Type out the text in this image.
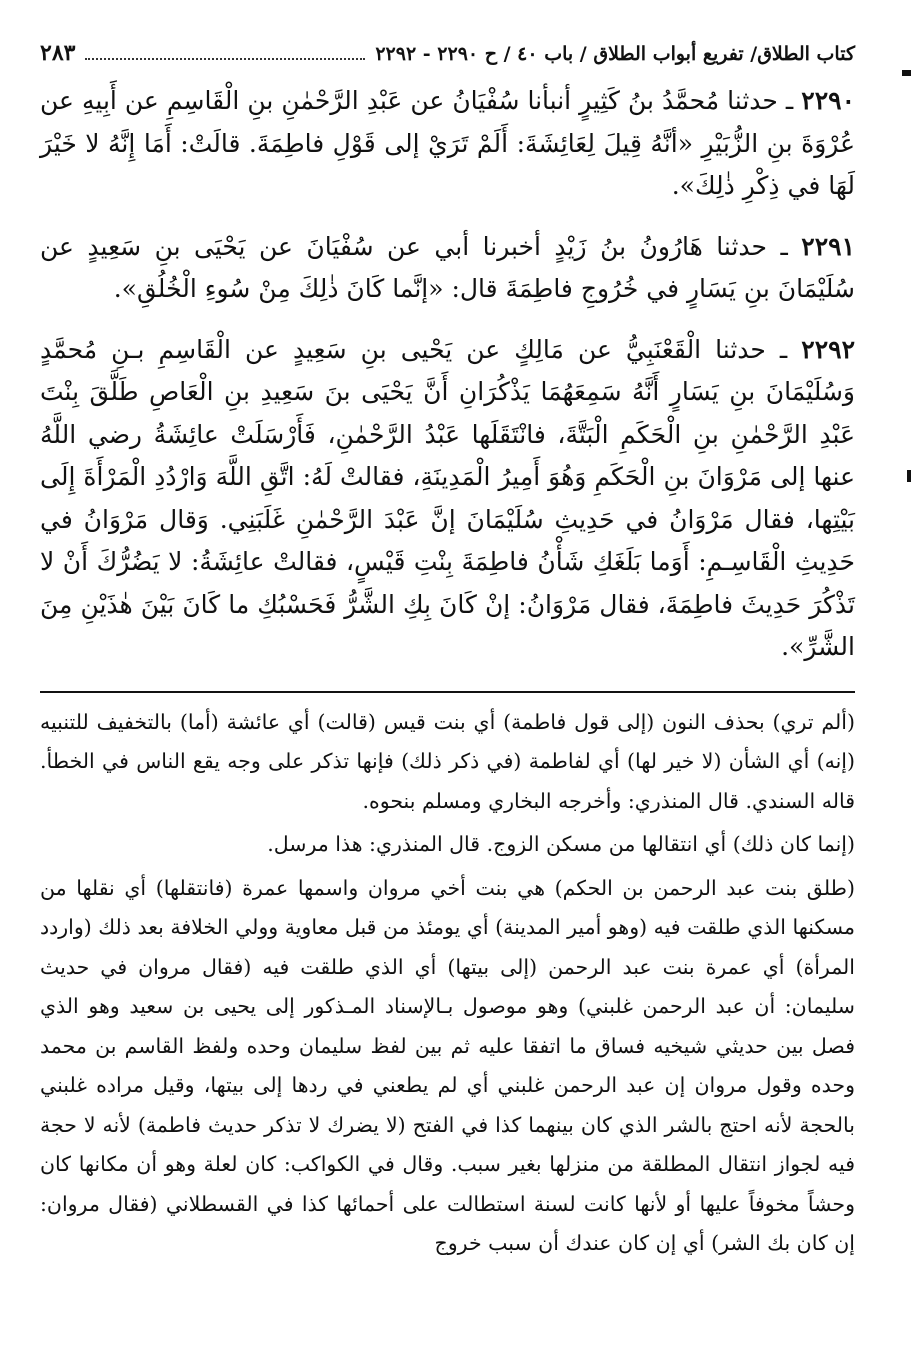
كتاب الطلاق/ تفريع أبواب الطلاق / باب ٤٠ / ح ٢٢٩٠ - ٢٢٩٢
٢٨٣

٢٢٩٠ ـ حدثنا مُحمَّدُ بنُ كَثِيرٍ أنبأنا سُفْيَانُ عن عَبْدِ الرَّحْمٰنِ بنِ الْقَاسِمِ عن أَبِيهِ عن عُرْوَةَ بنِ الزُّبَيْرِ «أنَّهُ قِيلَ لِعَائِشَةَ: أَلَمْ تَرَيْ إلى قَوْلِ فاطِمَةَ. قالَتْ: أَمَا إِنَّهُ لا خَيْرَ لَهَا في ذِكْرِ ذٰلِكَ».

٢٢٩١ ـ حدثنا هَارُونُ بنُ زَيْدٍ أخبرنا أبي عن سُفْيَانَ عن يَحْيَى بنِ سَعِيدٍ عن سُلَيْمَانَ بنِ يَسَارٍ في خُرُوجِ فاطِمَةَ قال: «إنَّما كَانَ ذٰلِكَ مِنْ سُوءِ الْخُلُقِ».

٢٢٩٢ ـ حدثنا الْقَعْنَبِيُّ عن مَالِكٍ عن يَحْيى بنِ سَعِيدٍ عن الْقَاسِمِ بـنِ مُحمَّدٍ وَسُلَيْمَانَ بنِ يَسَارٍ أَنَّهُ سَمِعَهُمَا يَذْكُرَانِ أَنَّ يَحْيَى بنَ سَعِيدِ بنِ الْعَاصِ طَلَّقَ بِنْتَ عَبْدِ الرَّحْمٰنِ بنِ الْحَكَمِ الْبَتَّةَ، فانْتَقَلَها عَبْدُ الرَّحْمٰنِ، فَأَرْسَلَتْ عائِشَةُ رضي اللَّهُ عنها إلى مَرْوَانَ بنِ الْحَكَمِ وَهُوَ أَمِيرُ الْمَدِينَةِ، فقالتْ لَهُ: اتَّقِ اللَّهَ وَارْدُدِ الْمَرْأَةَ إِلَى بَيْتِها، فقال مَرْوَانُ في حَدِيثِ سُلَيْمَانَ إنَّ عَبْدَ الرَّحْمٰنِ غَلَبَنِي. وَقال مَرْوَانُ في حَدِيثِ الْقَاسِـمِ: أَوَما بَلَغَكِ شَأْنُ فاطِمَةَ بِنْتِ قَيْسٍ، فقالتْ عائِشَةُ: لا يَضُرُّكَ أَنْ لا تَذْكُرَ حَدِيثَ فاطِمَةَ، فقال مَرْوَانُ: إنْ كَانَ بِكِ الشَّرُّ فَحَسْبُكِ ما كَانَ بَيْنَ هٰذَيْنِ مِنَ الشَّرِّ».

(ألم تري) بحذف النون (إلى قول فاطمة) أي بنت قيس (قالت) أي عائشة (أما) بالتخفيف للتنبيه (إنه) أي الشأن (لا خير لها) أي لفاطمة (في ذكر ذلك) فإنها تذكر على وجه يقع الناس في الخطأ. قاله السندي. قال المنذري: وأخرجه البخاري ومسلم بنحوه.

(إنما كان ذلك) أي انتقالها من مسكن الزوج. قال المنذري: هذا مرسل.

(طلق بنت عبد الرحمن بن الحكم) هي بنت أخي مروان واسمها عمرة (فانتقلها) أي نقلها من مسكنها الذي طلقت فيه (وهو أمير المدينة) أي يومئذ من قبل معاوية وولي الخلافة بعد ذلك (واردد المرأة) أي عمرة بنت عبد الرحمن (إلى بيتها) أي الذي طلقت فيه (فقال مروان في حديث سليمان: أن عبد الرحمن غلبني) وهو موصول بـالإسناد المـذكور إلى يحيى بن سعيد وهو الذي فصل بين حديثي شيخيه فساق ما اتفقا عليه ثم بين لفظ سليمان وحده ولفظ القاسم بن محمد وحده وقول مروان إن عبد الرحمن غلبني أي لم يطعني في ردها إلى بيتها، وقيل مراده غلبني بالحجة لأنه احتج بالشر الذي كان بينهما كذا في الفتح (لا يضرك لا تذكر حديث فاطمة) لأنه لا حجة فيه لجواز انتقال المطلقة من منزلها بغير سبب. وقال في الكواكب: كان لعلة وهو أن مكانها كان وحشاً مخوفاً عليها أو لأنها كانت لسنة استطالت على أحمائها كذا في القسطلاني (فقال مروان: إن كان بك الشر) أي إن كان عندك أن سبب خروج
